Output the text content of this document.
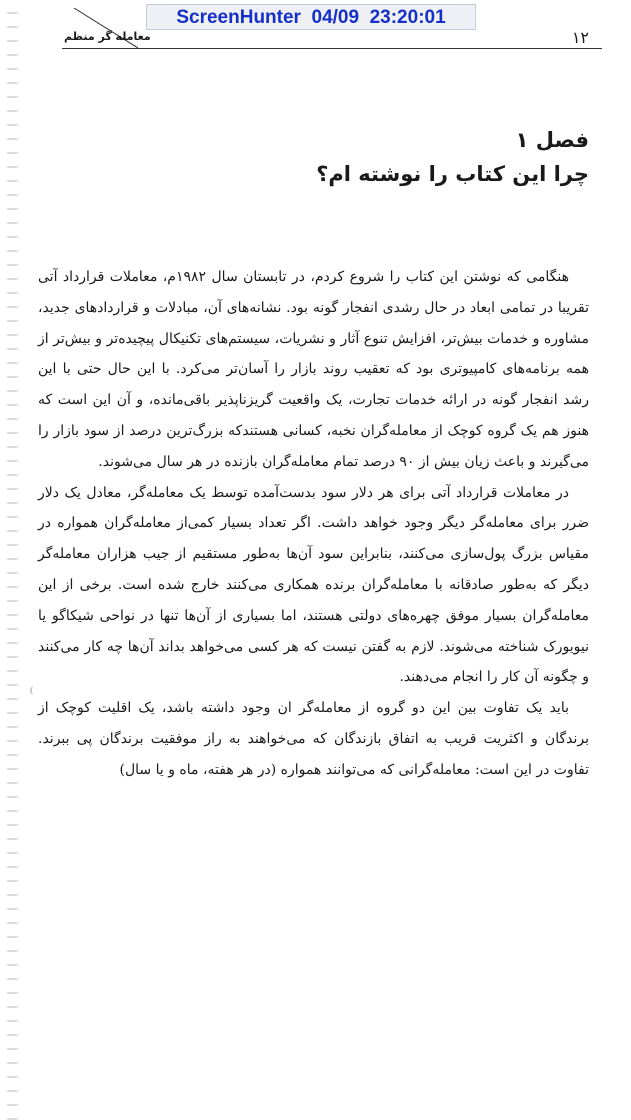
معامله گر منظم
ScreenHunter  04/09  23:20:01
۱۲
فصل ۱
چرا این کتاب را نوشته ام؟

هنگامی که نوشتن این کتاب را شروع کردم، در تابستان سال ۱۹۸۲م، معاملات قرارداد آتی تقریبا در تمامی ابعاد در حال رشدی انفجار گونه بود. نشانه‌های آن، مبادلات و قراردادهای جدید، مشاوره و خدمات بیش‌تر، افزایش تنوع آثار و نشریات، سیستم‌های تکنیکال پیچیده‌تر و بیش‌تر از همه برنامه‌های کامپیوتری بود که تعقیب روند بازار را آسان‌تر می‌کرد. با این حال حتی با این رشد انفجار گونه در ارائه خدمات تجارت، یک واقعیت گریزناپذیر باقی‌مانده، و آن این است که هنوز هم یک گروه کوچک از معامله‌گران نخبه، کسانی هستندکه بزرگ‌ترین درصد از سود بازار را می‌گیرند و باعث زیان بیش از ۹۰ درصد تمام معامله‌گران بازنده در هر سال می‌شوند.

در معاملات قرارداد آتی برای هر دلار سود بدست‌آمده توسط یک معامله‌گر، معادل یک دلار ضرر برای معامله‌گر دیگر وجود خواهد داشت. اگر تعداد بسیار کمی‌از معامله‌گران همواره در مقیاس بزرگ پول‌سازی می‌کنند، بنابراین سود آن‌ها به‌طور مستقیم از جیب هزاران معامله‌گر دیگر که به‌طور صادقانه با معامله‌گران برنده همکاری می‌کنند خارج شده است. برخی از این معامله‌گران بسیار موفق چهره‌های دولتی هستند، اما بسیاری از آن‌ها تنها در نواحی شیکاگو یا نیویورک شناخته می‌شوند. لازم به گفتن نیست که هر کسی می‌خواهد بداند آن‌ها چه کار می‌کنند و چگونه آن کار را انجام می‌دهند.

باید یک تفاوت بین این دو گروه از معامله‌گر ان وجود داشته باشد، یک اقلیت کوچک از برندگان و اکثریت قریب به اتفاق بازندگان که می‌خواهند به راز موفقیت برندگان پی ببرند. تفاوت در این است: معامله‌گرانی که می‌توانند همواره (در هر هفته، ماه و یا سال)
